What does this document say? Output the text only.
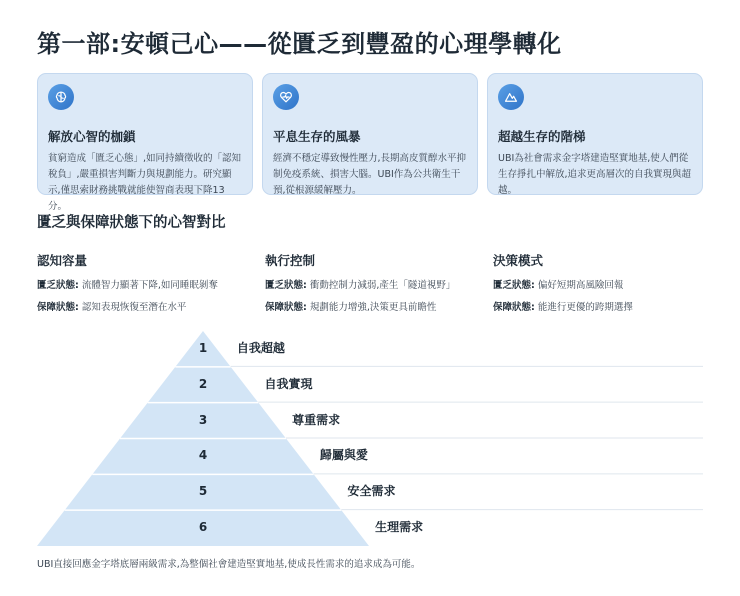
第一部:安頓己心——從匱乏到豐盈的心理學轉化
解放心智的枷鎖
貧窮造成「匱乏心態」,如同持續徵收的「認知稅負」,嚴重損害判斷力與規劃能力。研究顯示,僅思索財務挑戰就能使智商表現下降13分。
平息生存的風暴
經濟不穩定導致慢性壓力,長期高皮質醇水平抑制免疫系統、損害大腦。UBI作為公共衛生干預,從根源緩解壓力。
超越生存的階梯
UBI為社會需求金字塔建造堅實地基,使人們從生存掙扎中解放,追求更高層次的自我實現與超越。
匱乏與保障狀態下的心智對比
認知容量
匱乏狀態: 流體智力顯著下降,如同睡眠剝奪
保障狀態: 認知表現恢復至潛在水平
執行控制
匱乏狀態: 衝動控制力減弱,產生「隧道視野」
保障狀態: 規劃能力增強,決策更具前瞻性
決策模式
匱乏狀態: 偏好短期高風險回報
保障狀態: 能進行更優的跨期選擇
1	自我超越
2	自我實現
3	尊重需求
4	歸屬與愛
5	安全需求
6	生理需求
UBI直接回應金字塔底層兩級需求,為整個社會建造堅實地基,使成長性需求的追求成為可能。
